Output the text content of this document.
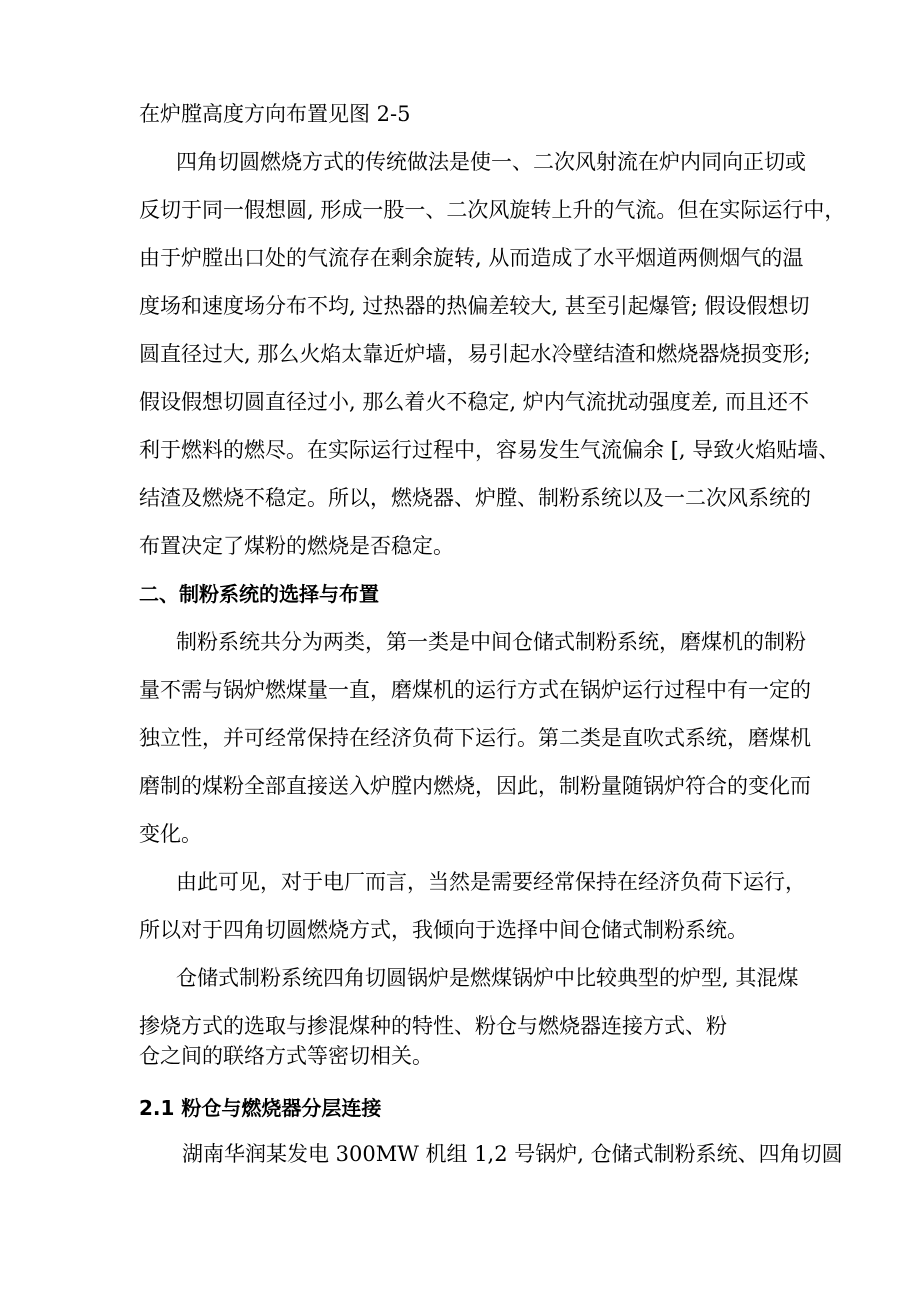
在炉膛高度方向布置见图 2-5
四角切圆燃烧方式的传统做法是使一、二次风射流在炉内同向正切或
反切于同一假想圆, 形成一股一、二次风旋转上升的气流。但在实际运行中，
由于炉膛出口处的气流存在剩余旋转, 从而造成了水平烟道两侧烟气的温
度场和速度场分布不均, 过热器的热偏差较大, 甚至引起爆管; 假设假想切
圆直径过大, 那么火焰太靠近炉墙，易引起水冷壁结渣和燃烧器烧损变形;
假设假想切圆直径过小, 那么着火不稳定, 炉内气流扰动强度差, 而且还不
利于燃料的燃尽。在实际运行过程中，容易发生气流偏余 [, 导致火焰贴墙、
结渣及燃烧不稳定。所以，燃烧器、炉膛、制粉系统以及一二次风系统的
布置决定了煤粉的燃烧是否稳定。
二、制粉系统的选择与布置
制粉系统共分为两类，第一类是中间仓储式制粉系统，磨煤机的制粉
量不需与锅炉燃煤量一直，磨煤机的运行方式在锅炉运行过程中有一定的
独立性，并可经常保持在经济负荷下运行。第二类是直吹式系统，磨煤机
磨制的煤粉全部直接送入炉膛内燃烧，因此，制粉量随锅炉符合的变化而
变化。
由此可见，对于电厂而言，当然是需要经常保持在经济负荷下运行，
所以对于四角切圆燃烧方式，我倾向于选择中间仓储式制粉系统。
仓储式制粉系统四角切圆锅炉是燃煤锅炉中比较典型的炉型, 其混煤
掺烧方式的选取与掺混煤种的特性、粉仓与燃烧器连接方式、粉
仓之间的联络方式等密切相关。
2.1 粉仓与燃烧器分层连接
湖南华润某发电 300MW 机组 1,2 号锅炉, 仓储式制粉系统、四角切圆
